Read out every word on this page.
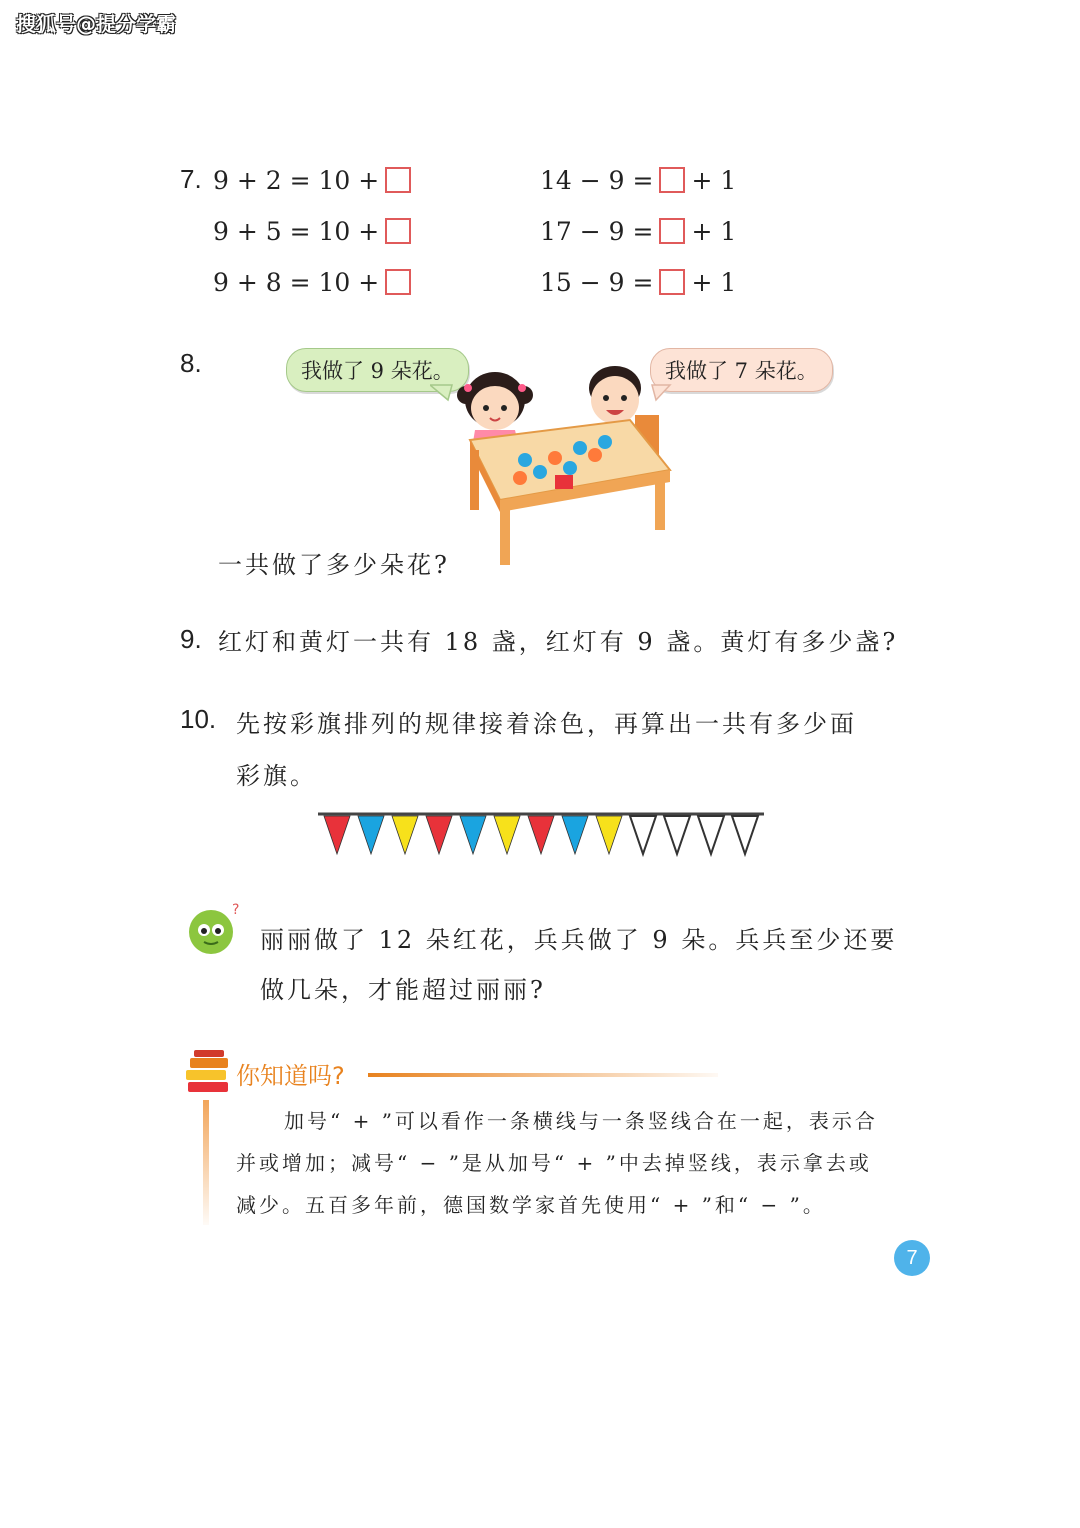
搜狐号@提分学霸
7. 9 + 2 = 10 +
9 + 5 = 10 +
9 + 8 = 10 +
14 − 9 = + 1
17 − 9 = + 1
15 − 9 = + 1
8.	我做了 9 朵花。	我做了 7 朵花。
一共做了多少朵花?
9. 红灯和黄灯一共有 18 盏，红灯有 9 盏。黄灯有多少盏?
10. 先按彩旗排列的规律接着涂色，再算出一共有多少面
彩旗。
?
丽丽做了 12 朵红花，兵兵做了 9 朵。兵兵至少还要
做几朵，才能超过丽丽?
你知道吗?
加号“ + ”可以看作一条横线与一条竖线合在一起，表示合
并或增加；减号“ − ”是从加号“ + ”中去掉竖线，表示拿去或
减少。五百多年前，德国数学家首先使用“ + ”和“ − ”。
7
